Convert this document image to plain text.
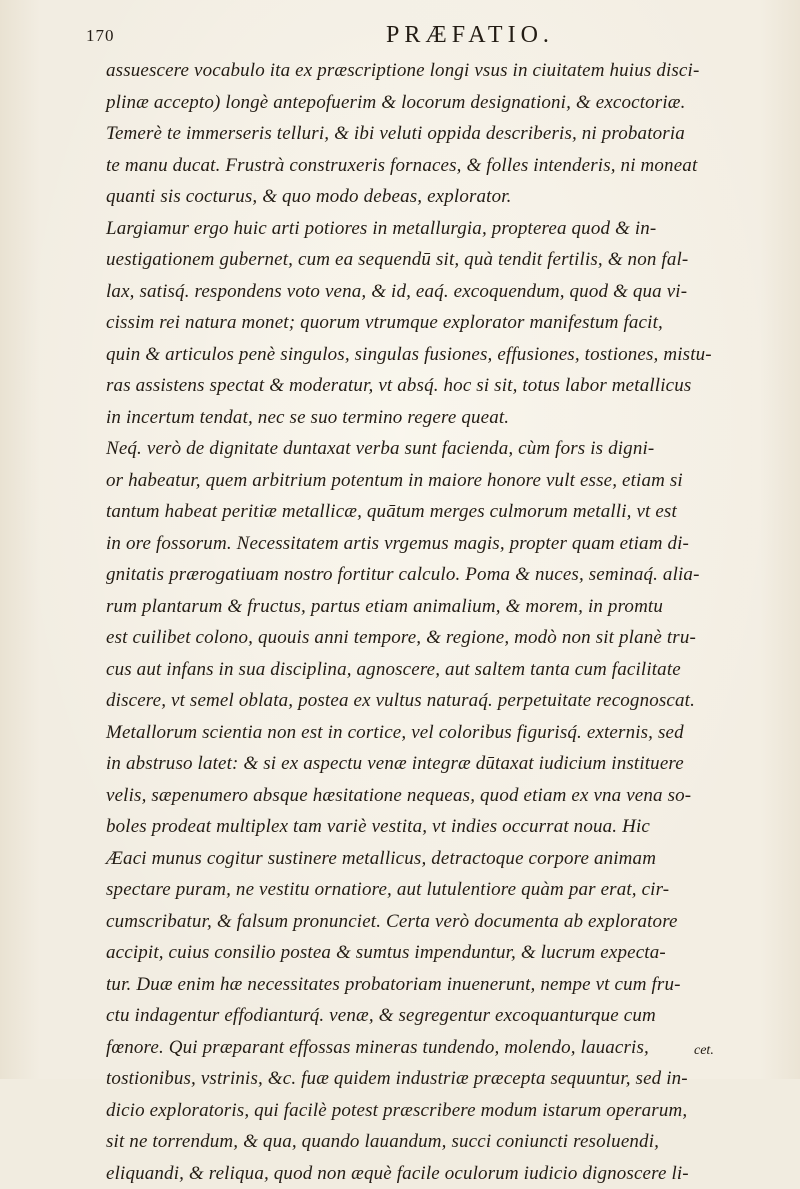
170	PRÆFATIO.
assuescere vocabulo ita ex præscriptione longi vsus in ciuitatem huius disci-
plinæ accepto) longè antepofuerim & locorum designationi, & excoctoriæ.
Temerè te immerseris telluri, & ibi veluti oppida describeris, ni probatoria
te manu ducat. Frustrà construxeris fornaces, & folles intenderis, ni moneat
quanti sis cocturus, & quo modo debeas, explorator.
Largiamur ergo huic arti potiores in metallurgia, propterea quod & in-
uestigationem gubernet, cum ea sequendū sit, quà tendit fertilis, & non fal-
lax, satisq́. respondens voto vena, & id, eaq́. excoquendum, quod & qua vi-
cissim rei natura monet; quorum vtrumque explorator manifestum facit,
quin & articulos penè singulos, singulas fusiones, effusiones, tostiones, mistu-
ras assistens spectat & moderatur, vt absq́. hoc si sit, totus labor metallicus
in incertum tendat, nec se suo termino regere queat.
Neq́. verò de dignitate duntaxat verba sunt facienda, cùm fors is digni-
or habeatur, quem arbitrium potentum in maiore honore vult esse, etiam si
tantum habeat peritiæ metallicæ, quātum merges culmorum metalli, vt est
in ore fossorum. Necessitatem artis vrgemus magis, propter quam etiam di-
gnitatis prærogatiuam nostro fortitur calculo. Poma & nuces, seminaq́. alia-
rum plantarum & fructus, partus etiam animalium, & morem, in promtu
est cuilibet colono, quouis anni tempore, & regione, modò non sit planè tru-
cus aut infans in sua disciplina, agnoscere, aut saltem tanta cum facilitate
discere, vt semel oblata, postea ex vultus naturaq́. perpetuitate recognoscat.
Metallorum scientia non est in cortice, vel coloribus figurisq́. externis, sed
in abstruso latet: & si ex aspectu venæ integræ dūtaxat iudicium instituere
velis, sæpenumero absque hæsitatione nequeas, quod etiam ex vna vena so-
boles prodeat multiplex tam variè vestita, vt indies occurrat noua. Hic
Æaci munus cogitur sustinere metallicus, detractoque corpore animam
spectare puram, ne vestitu ornatiore, aut lutulentiore quàm par erat, cir-
cumscribatur, & falsum pronunciet. Certa verò documenta ab exploratore
accipit, cuius consilio postea & sumtus impenduntur, & lucrum expecta-
tur. Duæ enim hæ necessitates probatoriam inuenerunt, nempe vt cum fru-
ctu indagentur effodianturq́. venæ, & segregentur excoquanturque cum
fœnore. Qui præparant effossas mineras tundendo, molendo, lauacris,
tostionibus, vstrinis, &c. fuæ quidem industriæ præcepta sequuntur, sed in-
dicio exploratoris, qui facilè potest præscribere modum istarum operarum,
sit ne torrendum, & qua, quando lauandum, succi coniuncti resoluendi,
eliquandi, & reliqua, quod non æquè facile oculorum iudicio dignoscere li-
cet.
